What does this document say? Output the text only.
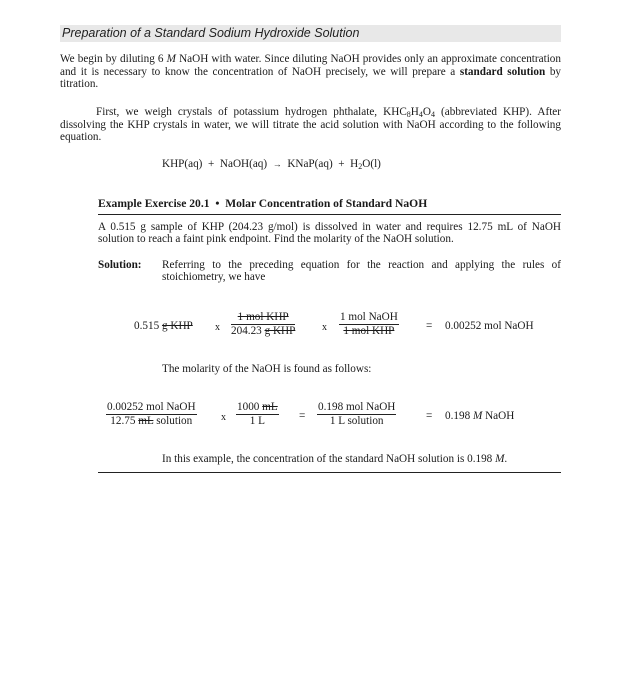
Preparation of a Standard Sodium Hydroxide Solution
We begin by diluting 6 M NaOH with water. Since diluting NaOH provides only an approximate concentration and it is necessary to know the concentration of NaOH precisely, we will prepare a standard solution by titration.
First, we weigh crystals of potassium hydrogen phthalate, $KHC_8H_4O_4$ (abbreviated KHP). After dissolving the KHP crystals in water, we will titrate the acid solution with NaOH according to the following equation.
KHP(aq) + NaOH(aq) → KNaP(aq) + $H_2O(l)$
Example Exercise 20.1 • Molar Concentration of Standard NaOH
A 0.515 g sample of KHP (204.23 g/mol) is dissolved in water and requires 12.75 mL of NaOH solution to reach a faint pink endpoint. Find the molarity of the NaOH solution.
Solution: Referring to the preceding equation for the reaction and applying the rules of stoichiometry, we have
0.515 g KHP x
1 mol KHP
204.23 g KHP	x
1 mol NaOH
1 mol KHP	= 0.00252 mol NaOH
The molarity of the NaOH is found as follows:
0.00252 mol NaOH
12.75 mL solution	x $\frac{1000 mL}{1 L}$ =
0.198 mol NaOH
1 L solution	= 0.198 M NaOH
In this example, the concentration of the standard NaOH solution is 0.198 M.
